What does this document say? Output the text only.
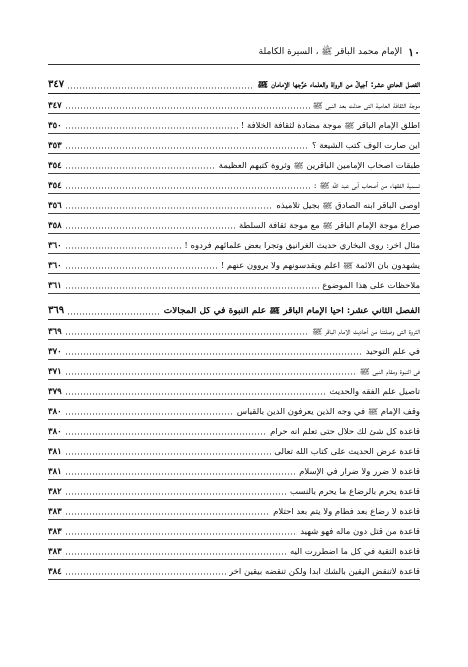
١٠
الإمام محمد الباقر ﷺ ، السيرة الكاملة
الفصل الحادي عشر: أجيالٌ من الرواة والعلماء خرَّجها الإمامان ﷺ
٣٤٧
موجة الثقافة العامية التي حدثت بعد النبي ﷺ
٣٤٧
أطلق الإمام الباقر ﷺ موجة مضادة لثقافة الخلافة !
٣٥٠
أين صارت ألوف كتب الشيعة ؟
٣٥٣
طبقات أصحاب الإمامين الباقرين ﷺ وثروة كتبهم العظيمة
٣٥٤
تسمية الفقهاء من أصحاب أبي عبد الله ﷺ :
٣٥٤
أوصى الباقر ابنه الصادق ﷺ بجيل تلاميذه
٣٥٦
صراع موجة الإمام الباقر ﷺ مع موجة ثقافة السلطة
٣٥٨
مثال آخر: روى البخاري حديث الغرانيق وتجرأ بعض علمائهم فردوه !
٣٦٠
يشهدون بأن الأئمة ﷺ أعلم ويقدسونهم ولا يروون عنهم !
٣٦٠
ملاحظات على هذا الموضوع
٣٦١
الفصل الثاني عشر: أحيا الإمام الباقر ﷺ علم النبوة في كل المجالات
٣٦٩
الثروة التي وصلتنا من أحاديث الإمام الباقر ﷺ
٣٦٩
في علم التوحيد
٣٧٠
في النبوة ومقام النبي ﷺ
٣٧١
تأصيل علم الفقه والحديث
٣٧٩
وقف الإمام ﷺ في وجه الذين يعرفون الدين بالقياس
٣٨٠
قاعدة كل شئ لك حلال حتى تعلم أنه حرام
٣٨٠
قاعدة عرض الحديث على كتاب الله تعالى
٣٨١
قاعدة لا ضرر ولا ضرار في الإسلام
٣٨١
قاعدة يحرم بالرضاع ما يحرم بالنسب
٣٨٢
قاعدة لا رضاع بعد فطام ولا يتم بعد احتلام
٣٨٣
قاعدة من قتل دون ماله فهو شهيد
٣٨٣
قاعدة التقية في كل ما اضطررت اليه
٣٨٣
قاعدة لاتنقض اليقين بالشك أبداً ولكن تنقضه بيقين آخر
٣٨٤
